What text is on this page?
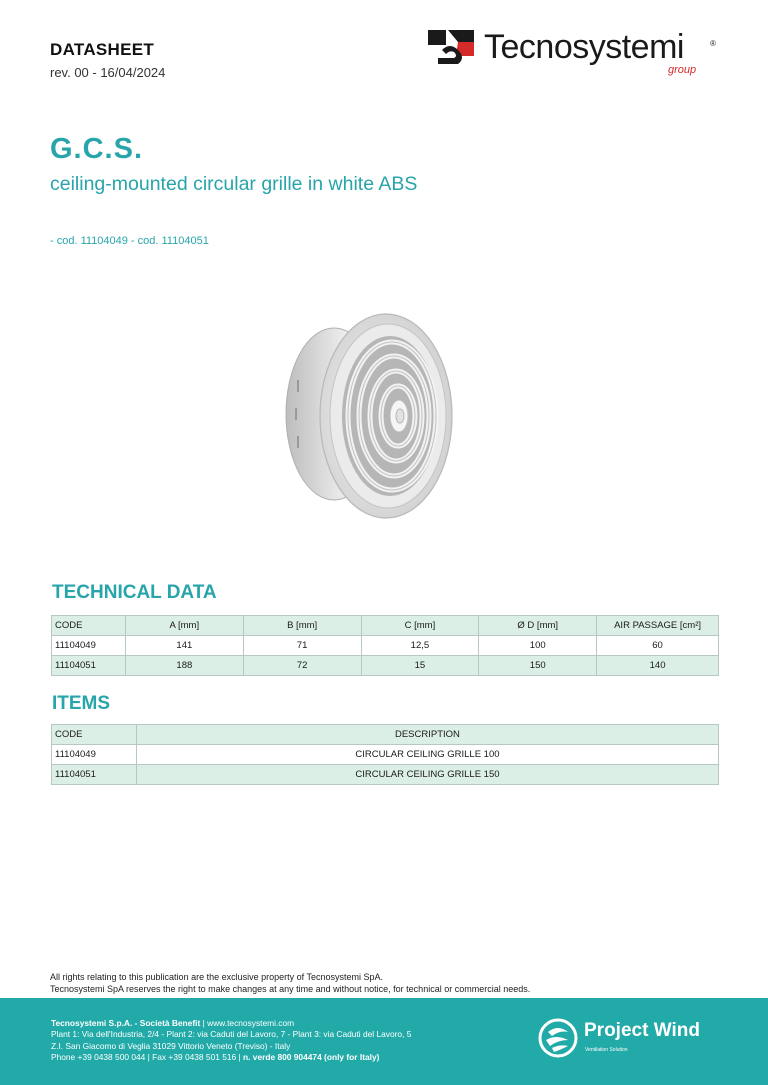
DATASHEET
rev. 00 - 16/04/2024
Tecnosystemi	®
group
G.C.S.
ceiling-mounted circular grille in white ABS
- cod. 11104049 - cod. 11104051
TECHNICAL DATA
CODE	A [mm]	B [mm]	C [mm]	Ø D [mm]	AIR PASSAGE [cm²]
11104049	141	71	12,5	100	60
11104051	188	72	15	150	140
ITEMS
CODE	DESCRIPTION
11104049	CIRCULAR CEILING GRILLE 100
11104051	CIRCULAR CEILING GRILLE 150
All rights relating to this publication are the exclusive property of Tecnosystemi SpA.
Tecnosystemi SpA reserves the right to make changes at any time and without notice, for technical or commercial needs.
Tecnosystemi S.p.A. - Società Benefit | www.tecnosystemi.com
Plant 1: Via dell'Industria, 2/4 - Plant 2: via Caduti del Lavoro, 7 - Plant 3: via Caduti del Lavoro, 5
Z.I. San Giacomo di Veglia 31029 Vittorio Veneto (Treviso) - Italy
Phone +39 0438 500 044 | Fax +39 0438 501 516 | n. verde 800 904474 (only for Italy)
Project Wind
Ventilation Solution
